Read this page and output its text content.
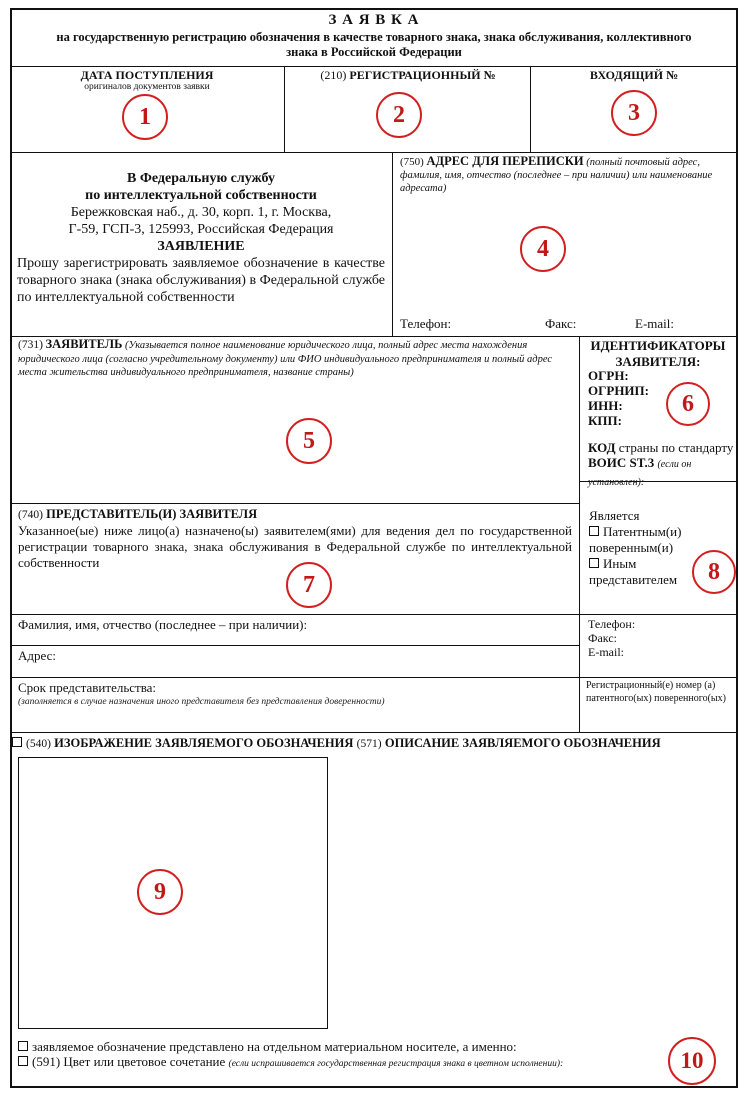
З А Я В К А
на государственную регистрацию обозначения в качестве товарного знака, знака обслуживания, коллективного знака в Российской Федерации
ДАТА ПОСТУПЛЕНИЯ
оригиналов документов заявки
1
(210) РЕГИСТРАЦИОННЫЙ №
2
ВХОДЯЩИЙ №
3
В Федеральную службу
по интеллектуальной собственности
Бережковская наб., д. 30, корп. 1, г. Москва,
Г-59, ГСП-3, 125993, Российская Федерация
ЗАЯВЛЕНИЕ
Прошу зарегистрировать заявляемое обозначение в качестве товарного знака (знака обслуживания) в Федеральной службе по интеллектуальной собственности
(750) АДРЕС ДЛЯ ПЕРЕПИСКИ (полный почтовый адрес, фамилия, имя, отчество (последнее – при наличии) или наименование адресата)
4
Телефон:	Факс:	E-mail:
(731) ЗАЯВИТЕЛЬ (Указывается полное наименование юридического лица, полный адрес места нахождения юридического лица (согласно учредительному документу) или ФИО индивидуального предпринимателя и полный адрес места жительства индивидуального предпринимателя, название страны)
5
ИДЕНТИФИКАТОРЫ ЗАЯВИТЕЛЯ:
ОГРН:
ОГРНИП:
ИНН:
КПП:
6
КОД страны по стандарту
ВОИС ST.3 (если он установлен):
(740) ПРЕДСТАВИТЕЛЬ(И) ЗАЯВИТЕЛЯ
Указанное(ые) ниже лицо(а) назначено(ы) заявителем(ями) для ведения дел по государственной регистрации товарного знака, знака обслуживания в Федеральной службе по интеллектуальной собственности
7
Является
Патентным(и) поверенным(и)
Иным представителем	8
Фамилия, имя, отчество (последнее – при наличии):
Адрес:
Телефон:
Факс:
E-mail:
Срок представительства:
(заполняется в случае назначения иного представителя без представления доверенности)
Регистрационный(е) номер (а) патентного(ых) поверенного(ых)
(540) ИЗОБРАЖЕНИЕ ЗАЯВЛЯЕМОГО ОБОЗНАЧЕНИЯ (571) ОПИСАНИЕ ЗАЯВЛЯЕМОГО ОБОЗНАЧЕНИЯ
9
заявляемое обозначение представлено на отдельном материальном носителе, а именно:
(591) Цвет или цветовое сочетание (если испрашивается государственная регистрация знака в цветном исполнении):	10
